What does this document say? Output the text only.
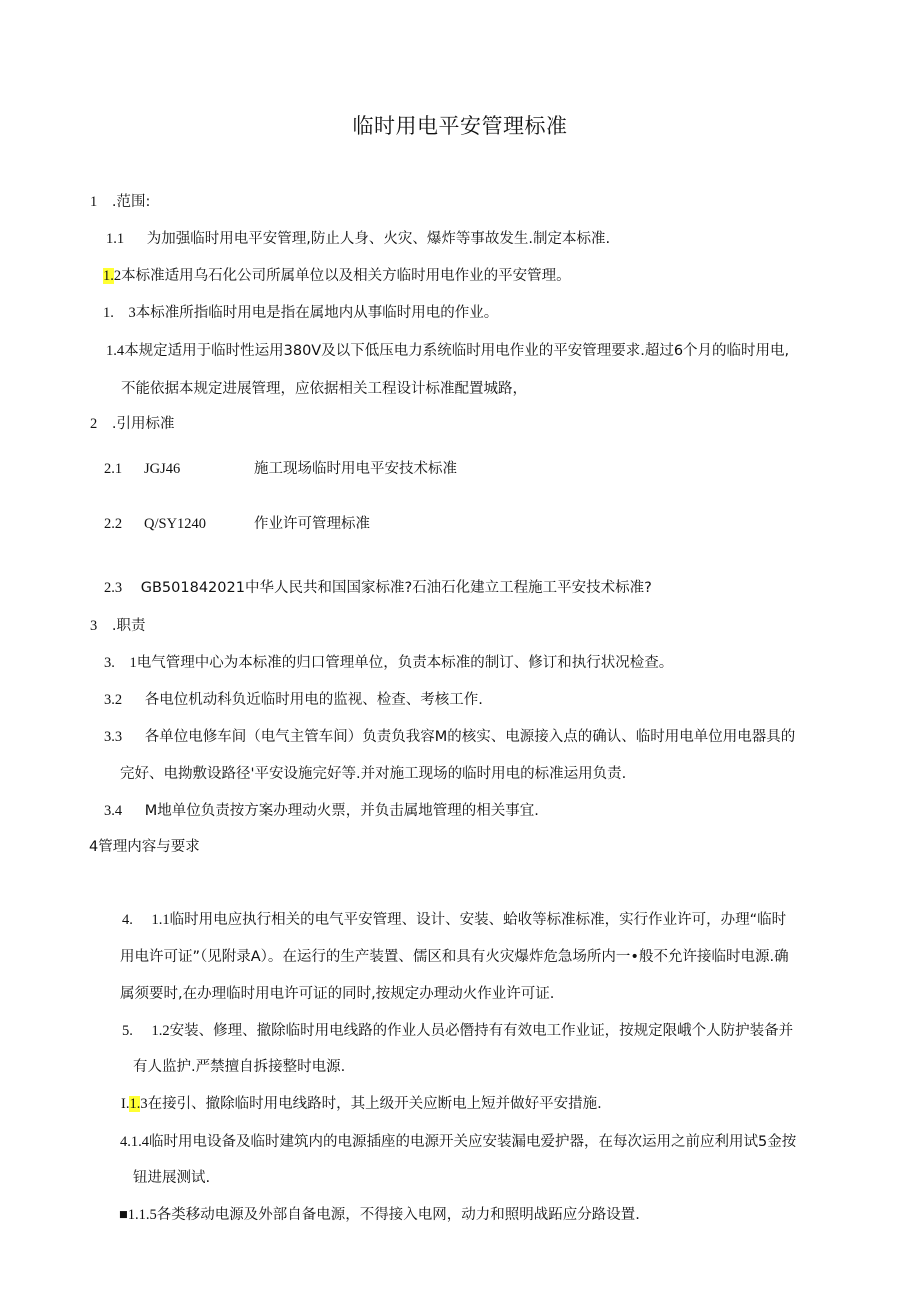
临时用电平安管理标准
1 .范围:
1.1 为加强临时用电平安管理,防止人身、火灾、爆炸等事故发生.制定本标准.
1.2本标准适用乌石化公司所属单位以及相关方临时用电作业的平安管理。
1. 3本标准所指临时用电是指在属地内从事临时用电的作业。
1.4本规定适用于临时性运用380V及以下低压电力系统临时用电作业的平安管理要求.超过6个月的临时用电,
不能依据本规定进展管理，应依据相关工程设计标准配置城路，
2 .引用标准
2.1 JGJ46	施工现场临时用电平安技术标准
2.2 Q/SY1240	作业许可管理标准
2.3 GB501842021中华人民共和国国家标准?石油石化建立工程施工平安技术标准?
3 .职责
3. 1电气管理中心为本标准的归口管理单位，负责本标准的制订、修订和执行状况检查。
3.2 各电位机动科负近临时用电的监视、检查、考核工作.
3.3 各单位电修车间（电气主管车间）负责负我容M的核实、电源接入点的确认、临时用电单位用电器具的
完好、电拗敷设路径'平安设施完好等.并对施工现场的临时用电的标准运用负责.
3.4 M地单位负责按方案办理动火票，并负击属地管理的相关事宜.
4管理内容与要求
4. 1.1临时用电应执行相关的电气平安管理、设计、安装、蛤收等标准标准，实行作业许可，办理“临时
用电许可证”（见附录A）。在运行的生产装置、儒区和具有火灾爆炸危急场所内一•般不允许接临时电源.确
属须要时,在办理临时用电许可证的同时,按规定办理动火作业许可证.
5. 1.2安装、修理、撤除临时用电线路的作业人员必僭持有有效电工作业证，按规定限峨个人防护装备并
有人监护.严禁擅自拆接整时电源.
I.1.3在接引、撤除临时用电线路时，其上级开关应断电上短并做好平安措施.
4.1.4临时用电设备及临时建筑内的电源插座的电源开关应安装漏电爱护器，在每次运用之前应利用试5金按
钮进展测试.
■1.1.5各类移动电源及外部自备电源，不得接入电网，动力和照明战跖应分路设置.
